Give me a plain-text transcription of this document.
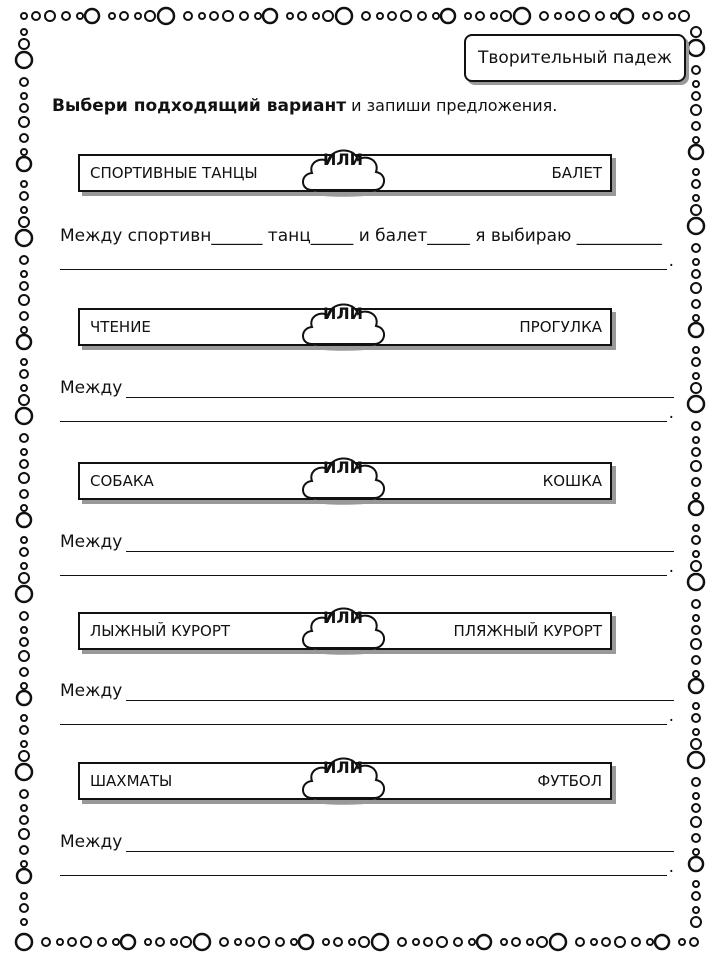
Творительный падеж
Выбери подходящий вариант и запиши предложения.
СПОРТИВНЫЕ ТАНЦЫ	БАЛЕТ
ИЛИ
Между спортивн______ танц_____ и балет_____ я выбираю __________
.
ЧТЕНИЕ	ПРОГУЛКА
ИЛИ
Между
.
СОБАКА	КОШКА
ИЛИ
Между
.
ЛЫЖНЫЙ КУРОРТ	ПЛЯЖНЫЙ КУРОРТ
ИЛИ
Между
.
ШАХМАТЫ	ФУТБОЛ
ИЛИ
Между
.
